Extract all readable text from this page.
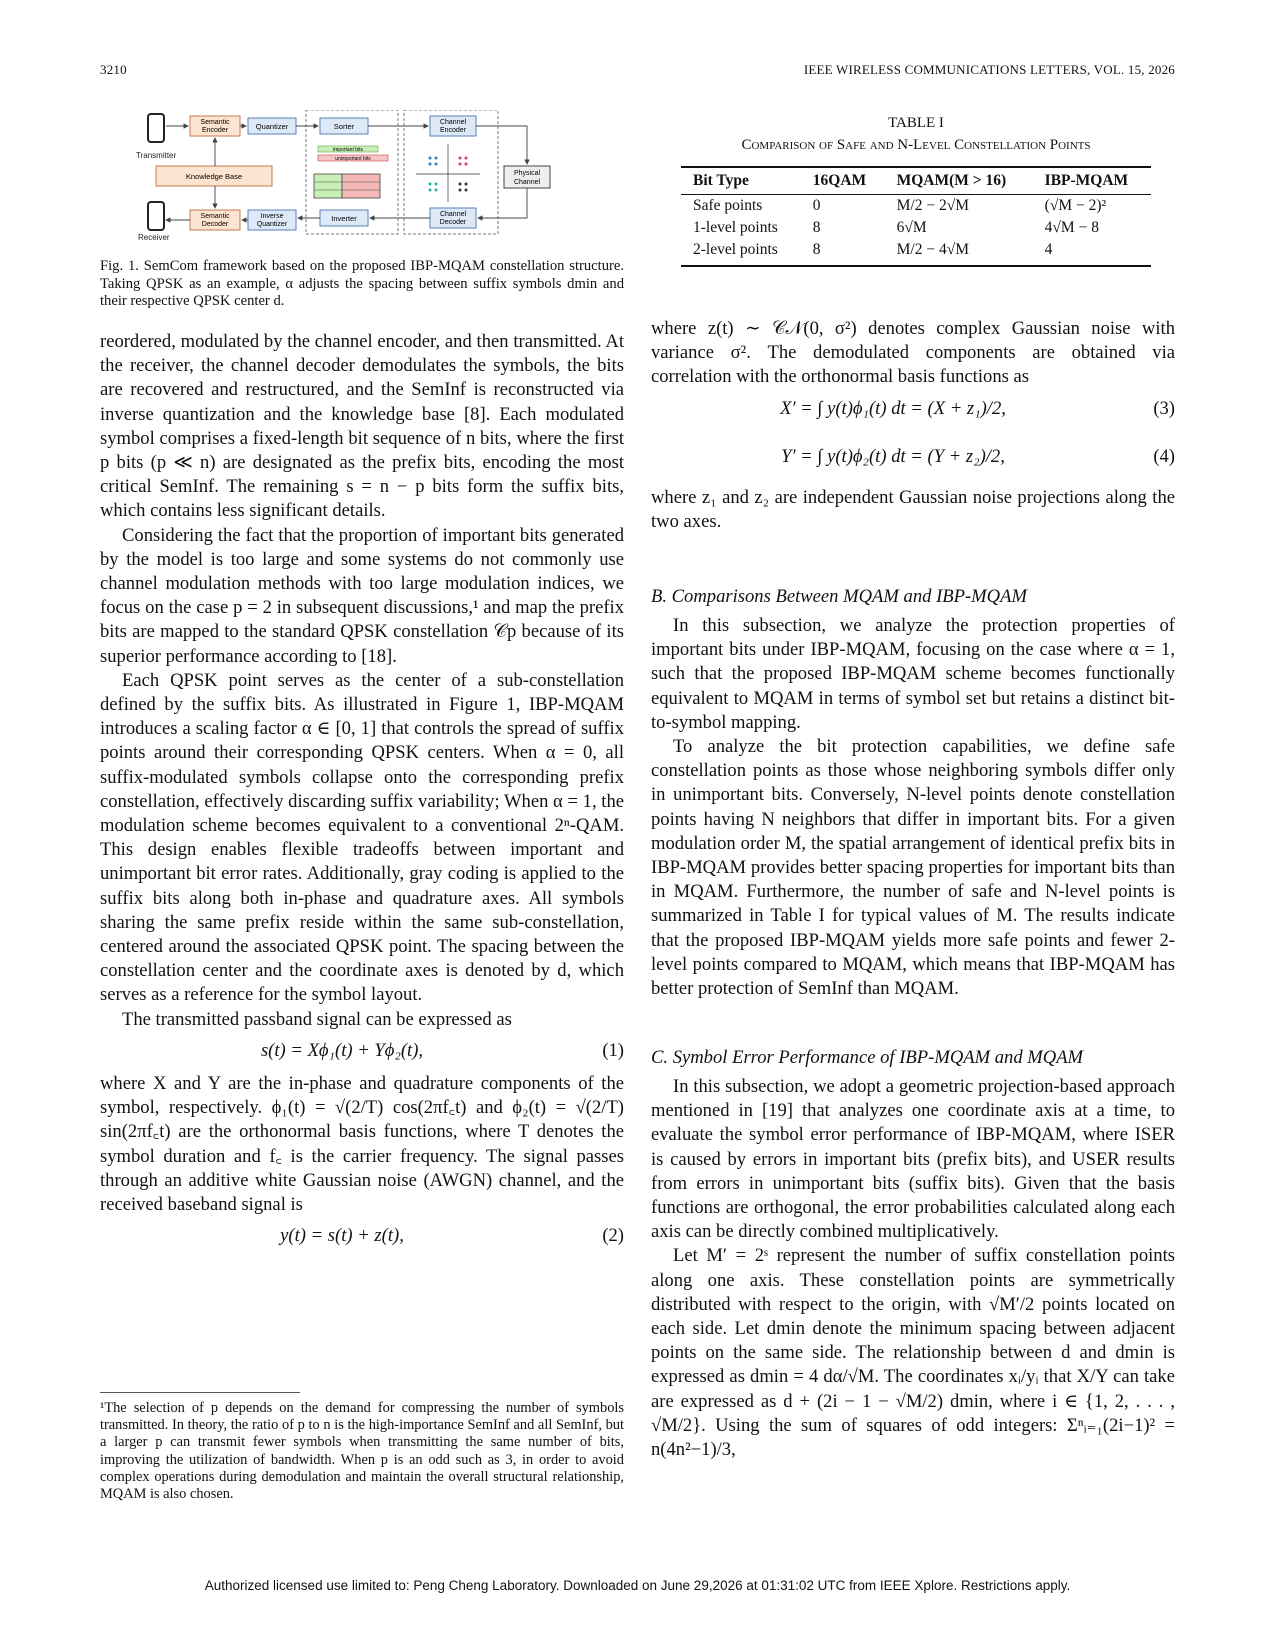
3210	IEEE WIRELESS COMMUNICATIONS LETTERS, VOL. 15, 2026
Transmitter
Semantic
Encoder	Quantizer	Sorter
important bits
unimportant bits
Inverter
Channel
Encoder
Channel
Decoder
Physical
Channel
Knowledge Base
Receiver
Semantic
Decoder
Inverse
Quantizer
Fig. 1. SemCom framework based on the proposed IBP-MQAM constellation structure. Taking QPSK as an example, α adjusts the spacing between suffix symbols dmin and their respective QPSK center d.

reordered, modulated by the channel encoder, and then transmitted. At the receiver, the channel decoder demodulates the symbols, the bits are recovered and restructured, and the SemInf is reconstructed via inverse quantization and the knowledge base [8]. Each modulated symbol comprises a fixed-length bit sequence of n bits, where the first p bits (p ≪ n) are designated as the prefix bits, encoding the most critical SemInf. The remaining s = n − p bits form the suffix bits, which contains less significant details.

Considering the fact that the proportion of important bits generated by the model is too large and some systems do not commonly use channel modulation methods with too large modulation indices, we focus on the case p = 2 in subsequent discussions,¹ and map the prefix bits are mapped to the standard QPSK constellation 𝒞p because of its superior performance according to [18].

Each QPSK point serves as the center of a sub-constellation defined by the suffix bits. As illustrated in Figure 1, IBP-MQAM introduces a scaling factor α ∈ [0, 1] that controls the spread of suffix points around their corresponding QPSK centers. When α = 0, all suffix-modulated symbols collapse onto the corresponding prefix constellation, effectively discarding suffix variability; When α = 1, the modulation scheme becomes equivalent to a conventional 2ⁿ-QAM. This design enables flexible tradeoffs between important and unimportant bit error rates. Additionally, gray coding is applied to the suffix bits along both in-phase and quadrature axes. All symbols sharing the same prefix reside within the same sub-constellation, centered around the associated QPSK point. The spacing between the constellation center and the coordinate axes is denoted by d, which serves as a reference for the symbol layout.

The transmitted passband signal can be expressed as

s(t) = Xϕ₁(t) + Yϕ₂(t),	(1)

where X and Y are the in-phase and quadrature components of the symbol, respectively. ϕ₁(t) = √(2/T) cos(2πf꜀t) and ϕ₂(t) = √(2/T) sin(2πf꜀t) are the orthonormal basis functions, where T denotes the symbol duration and f꜀ is the carrier frequency. The signal passes through an additive white Gaussian noise (AWGN) channel, and the received baseband signal is

y(t) = s(t) + z(t),	(2)
¹The selection of p depends on the demand for compressing the number of symbols transmitted. In theory, the ratio of p to n is the high-importance SemInf and all SemInf, but a larger p can transmit fewer symbols when transmitting the same number of bits, improving the utilization of bandwidth. When p is an odd such as 3, in order to avoid complex operations during demodulation and maintain the overall structural relationship, MQAM is also chosen.
TABLE I
Comparison of Safe and N-Level Constellation Points
Bit Type	16QAM	MQAM(M > 16)	IBP-MQAM
Safe points	0	M/2 − 2√M	(√M − 2)²
1-level points	8	6√M	4√M − 8
2-level points	8	M/2 − 4√M	4

where z(t) ∼ 𝒞𝒩(0, σ²) denotes complex Gaussian noise with variance σ². The demodulated components are obtained via correlation with the orthonormal basis functions as

X′ = ∫ y(t)ϕ₁(t) dt = (X + z₁)/2,	(3)
Y′ = ∫ y(t)ϕ₂(t) dt = (Y + z₂)/2,	(4)

where z₁ and z₂ are independent Gaussian noise projections along the two axes.

B. Comparisons Between MQAM and IBP-MQAM

In this subsection, we analyze the protection properties of important bits under IBP-MQAM, focusing on the case where α = 1, such that the proposed IBP-MQAM scheme becomes functionally equivalent to MQAM in terms of symbol set but retains a distinct bit-to-symbol mapping.

To analyze the bit protection capabilities, we define safe constellation points as those whose neighboring symbols differ only in unimportant bits. Conversely, N-level points denote constellation points having N neighbors that differ in important bits. For a given modulation order M, the spatial arrangement of identical prefix bits in IBP-MQAM provides better spacing properties for important bits than in MQAM. Furthermore, the number of safe and N-level points is summarized in Table I for typical values of M. The results indicate that the proposed IBP-MQAM yields more safe points and fewer 2-level points compared to MQAM, which means that IBP-MQAM has better protection of SemInf than MQAM.

C. Symbol Error Performance of IBP-MQAM and MQAM

In this subsection, we adopt a geometric projection-based approach mentioned in [19] that analyzes one coordinate axis at a time, to evaluate the symbol error performance of IBP-MQAM, where ISER is caused by errors in important bits (prefix bits), and USER results from errors in unimportant bits (suffix bits). Given that the basis functions are orthogonal, the error probabilities calculated along each axis can be directly combined multiplicatively.

Let M′ = 2ˢ represent the number of suffix constellation points along one axis. These constellation points are symmetrically distributed with respect to the origin, with √M′/2 points located on each side. Let dmin denote the minimum spacing between adjacent points on the same side. The relationship between d and dmin is expressed as dmin = 4 dα/√M. The coordinates xᵢ/yᵢ that X/Y can take are expressed as d + (2i − 1 − √M/2) dmin, where i ∈ {1, 2, . . . , √M/2}. Using the sum of squares of odd integers: Σⁿᵢ₌₁(2i−1)² = n(4n²−1)/3,

Authorized licensed use limited to: Peng Cheng Laboratory. Downloaded on June 29,2026 at 01:31:02 UTC from IEEE Xplore. Restrictions apply.
